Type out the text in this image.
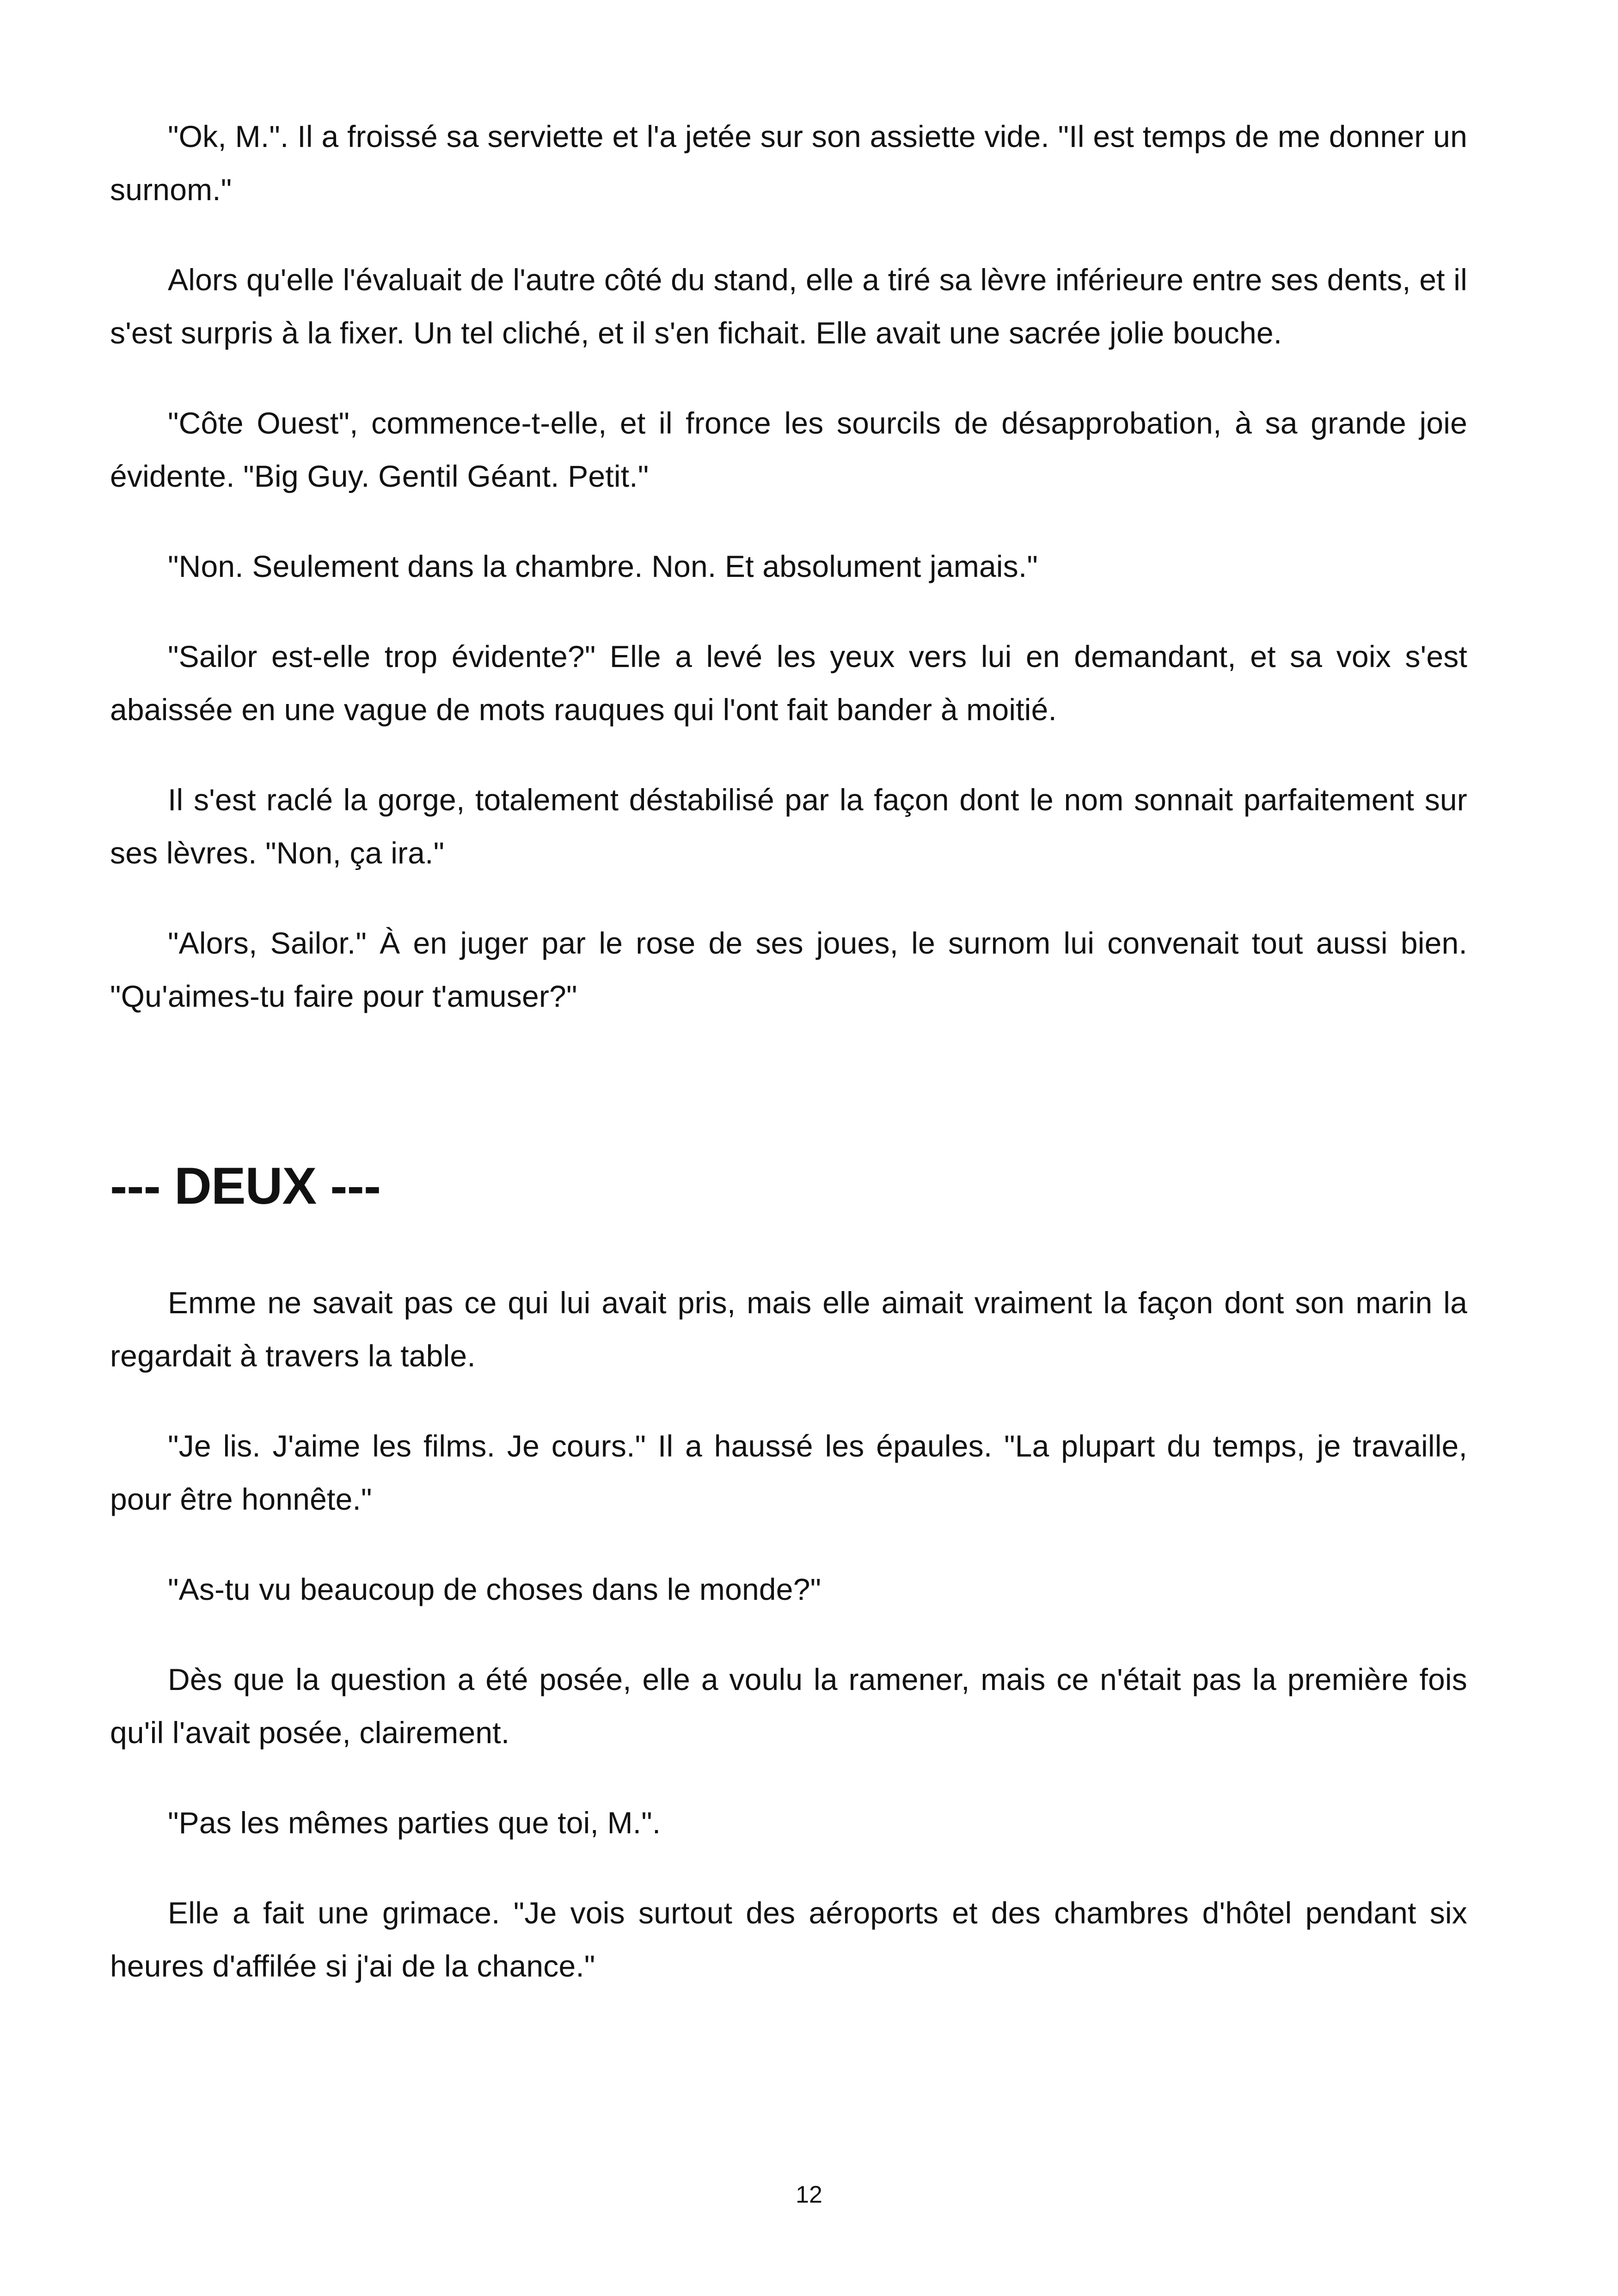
"Ok, M.". Il a froissé sa serviette et l'a jetée sur son assiette vide. "Il est temps de me donner un surnom."

Alors qu'elle l'évaluait de l'autre côté du stand, elle a tiré sa lèvre inférieure entre ses dents, et il s'est surpris à la fixer. Un tel cliché, et il s'en fichait. Elle avait une sacrée jolie bouche.

"Côte Ouest", commence-t-elle, et il fronce les sourcils de désapprobation, à sa grande joie évidente. "Big Guy. Gentil Géant. Petit."

"Non. Seulement dans la chambre. Non. Et absolument jamais."

"Sailor est-elle trop évidente?" Elle a levé les yeux vers lui en demandant, et sa voix s'est abaissée en une vague de mots rauques qui l'ont fait bander à moitié.

Il s'est raclé la gorge, totalement déstabilisé par la façon dont le nom sonnait parfaitement sur ses lèvres. "Non, ça ira."

"Alors, Sailor." À en juger par le rose de ses joues, le surnom lui convenait tout aussi bien. "Qu'aimes-tu faire pour t'amuser?"

--- DEUX ---

Emme ne savait pas ce qui lui avait pris, mais elle aimait vraiment la façon dont son marin la regardait à travers la table.

"Je lis. J'aime les films. Je cours." Il a haussé les épaules. "La plupart du temps, je travaille, pour être honnête."

"As-tu vu beaucoup de choses dans le monde?"

Dès que la question a été posée, elle a voulu la ramener, mais ce n'était pas la première fois qu'il l'avait posée, clairement.

"Pas les mêmes parties que toi, M.".

Elle a fait une grimace. "Je vois surtout des aéroports et des chambres d'hôtel pendant six heures d'affilée si j'ai de la chance."

12
